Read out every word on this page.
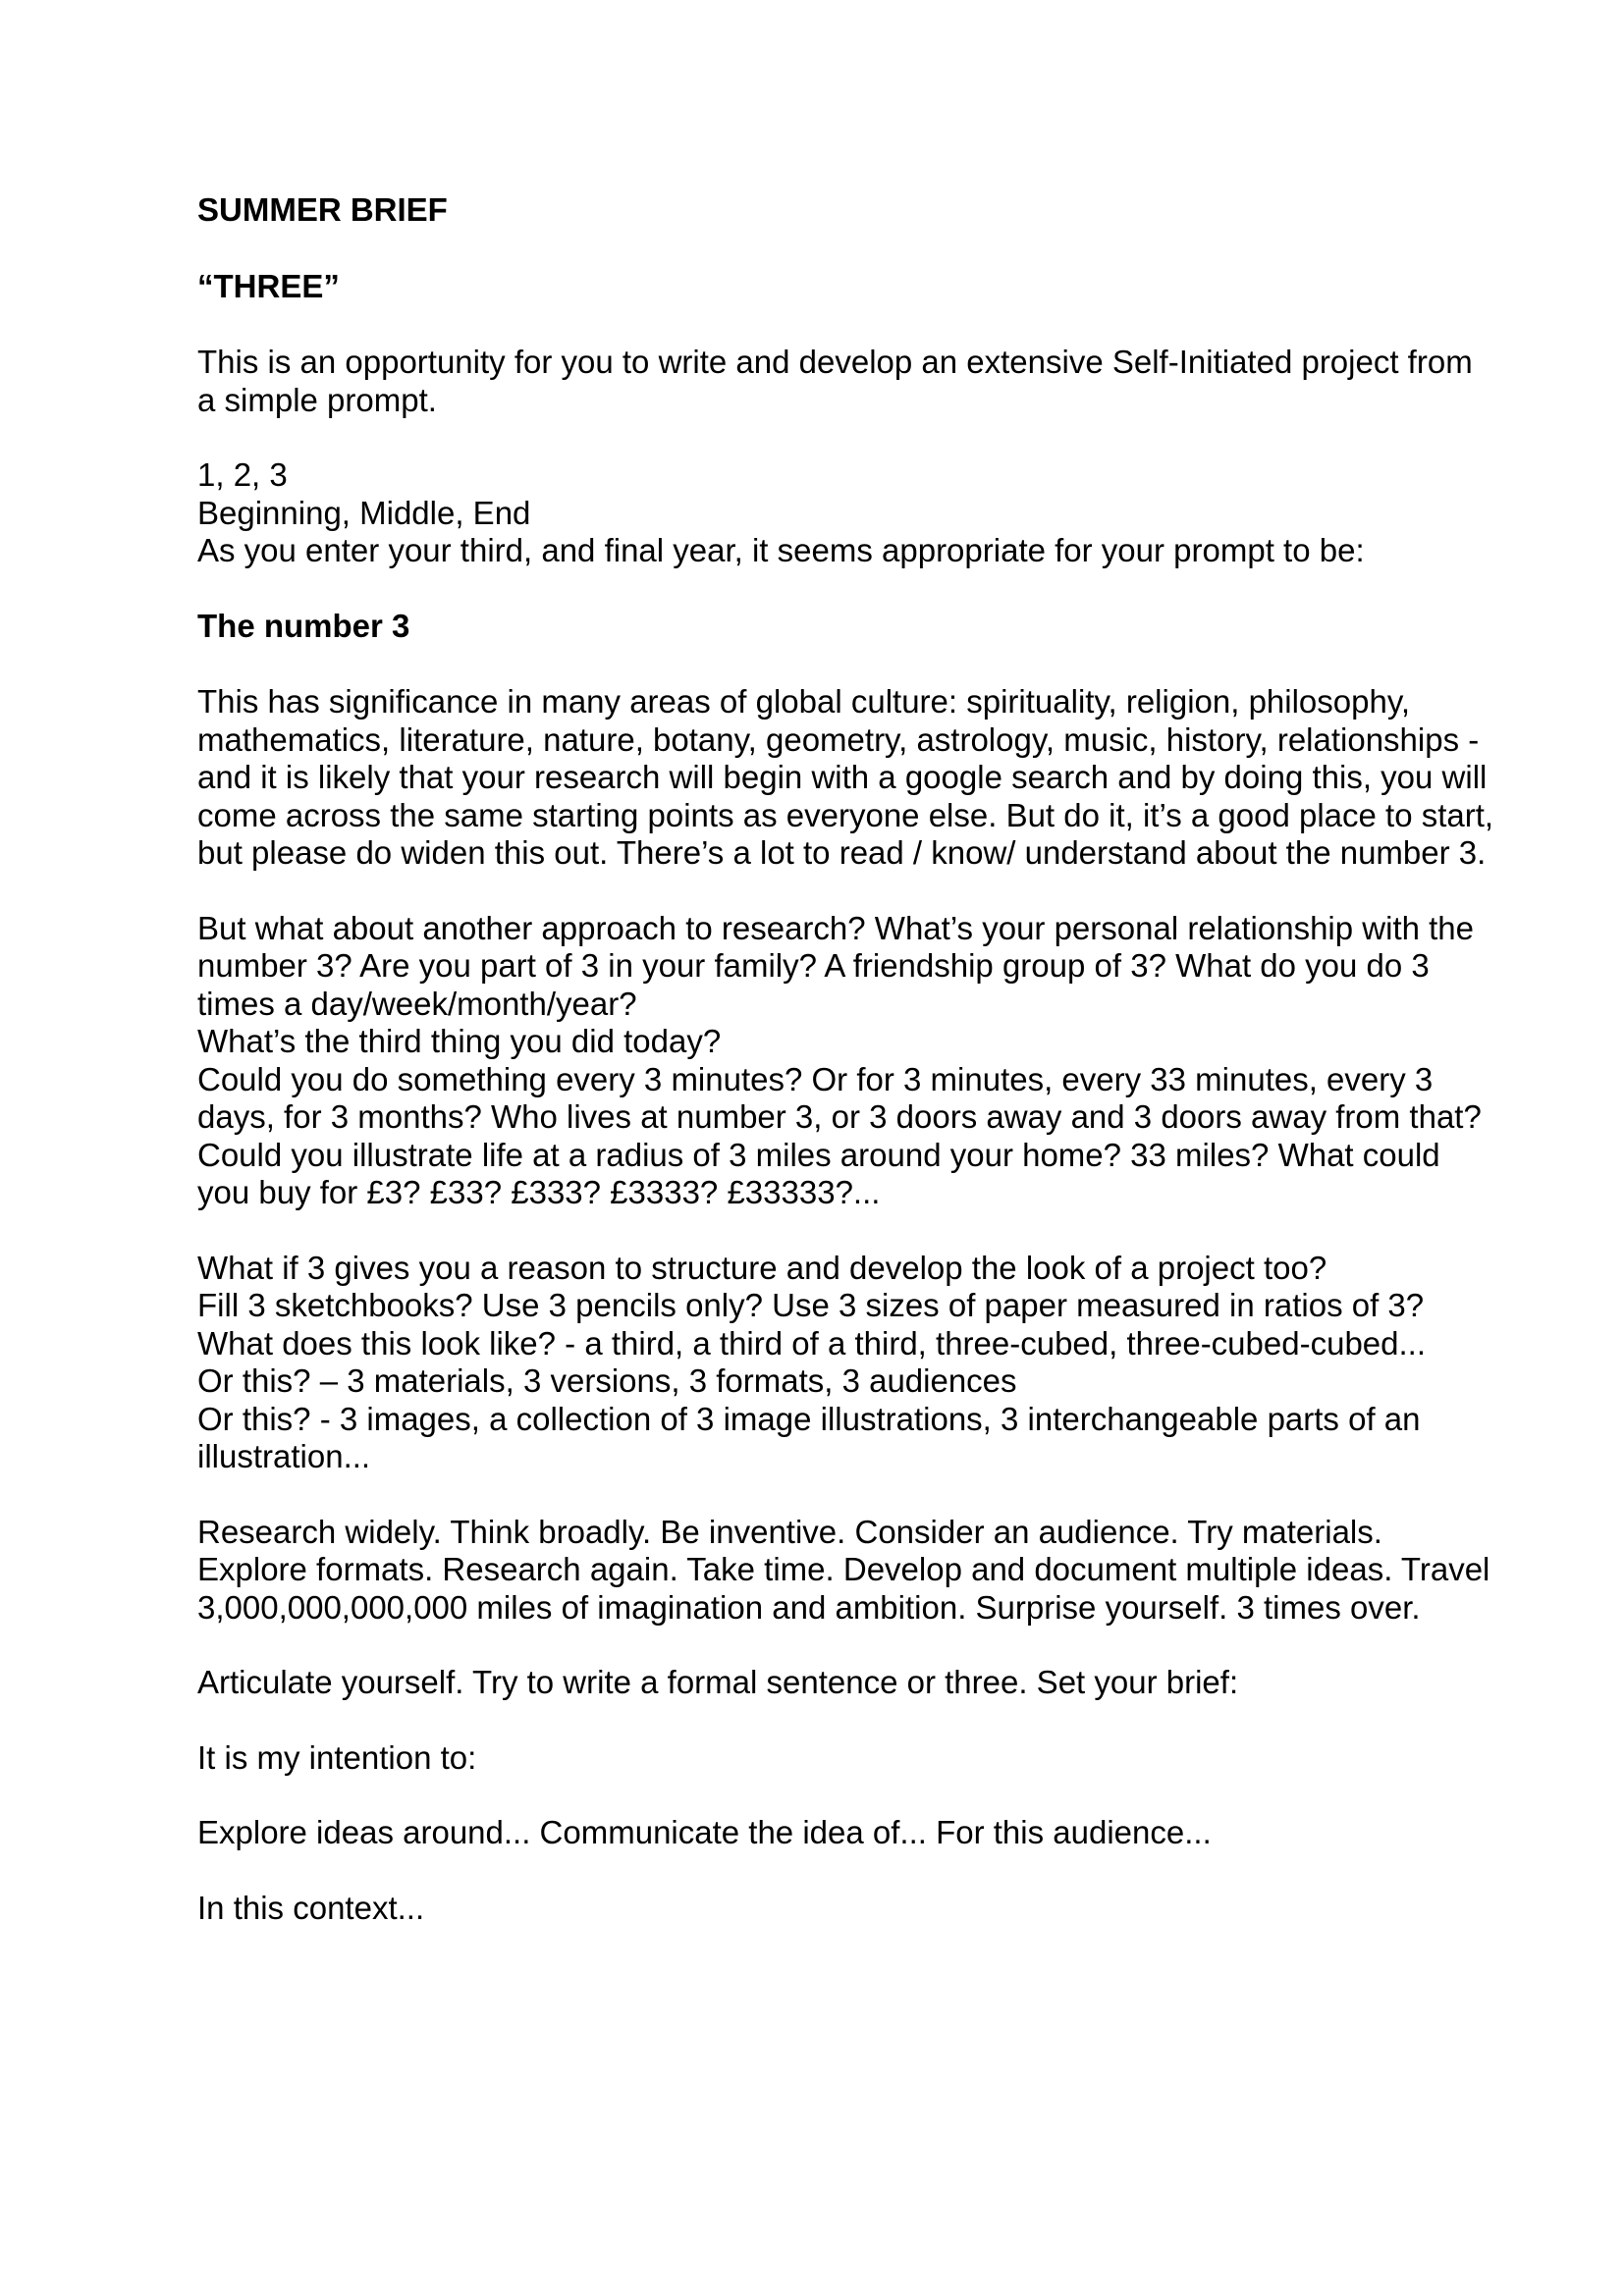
SUMMER BRIEF
“THREE”
This is an opportunity for you to write and develop an extensive Self-Initiated project from
a simple prompt.
1, 2, 3
Beginning, Middle, End
As you enter your third, and final year, it seems appropriate for your prompt to be:
The number 3
This has significance in many areas of global culture: spirituality, religion, philosophy,
mathematics, literature, nature, botany, geometry, astrology, music, history, relationships -
and it is likely that your research will begin with a google search and by doing this, you will
come across the same starting points as everyone else. But do it, it’s a good place to start,
but please do widen this out. There’s a lot to read / know/ understand about the number 3.
But what about another approach to research? What’s your personal relationship with the
number 3? Are you part of 3 in your family? A friendship group of 3? What do you do 3
times a day/week/month/year?
What’s the third thing you did today?
Could you do something every 3 minutes? Or for 3 minutes, every 33 minutes, every 3
days, for 3 months? Who lives at number 3, or 3 doors away and 3 doors away from that?
Could you illustrate life at a radius of 3 miles around your home? 33 miles? What could
you buy for £3? £33? £333? £3333? £33333?...
What if 3 gives you a reason to structure and develop the look of a project too?
Fill 3 sketchbooks? Use 3 pencils only? Use 3 sizes of paper measured in ratios of 3?
What does this look like? - a third, a third of a third, three-cubed, three-cubed-cubed...
Or this? – 3 materials, 3 versions, 3 formats, 3 audiences
Or this? - 3 images, a collection of 3 image illustrations, 3 interchangeable parts of an
illustration...
Research widely. Think broadly. Be inventive. Consider an audience. Try materials.
Explore formats. Research again. Take time. Develop and document multiple ideas. Travel
3,000,000,000,000 miles of imagination and ambition. Surprise yourself. 3 times over.
Articulate yourself. Try to write a formal sentence or three. Set your brief:
It is my intention to:
Explore ideas around... Communicate the idea of... For this audience...
In this context...
